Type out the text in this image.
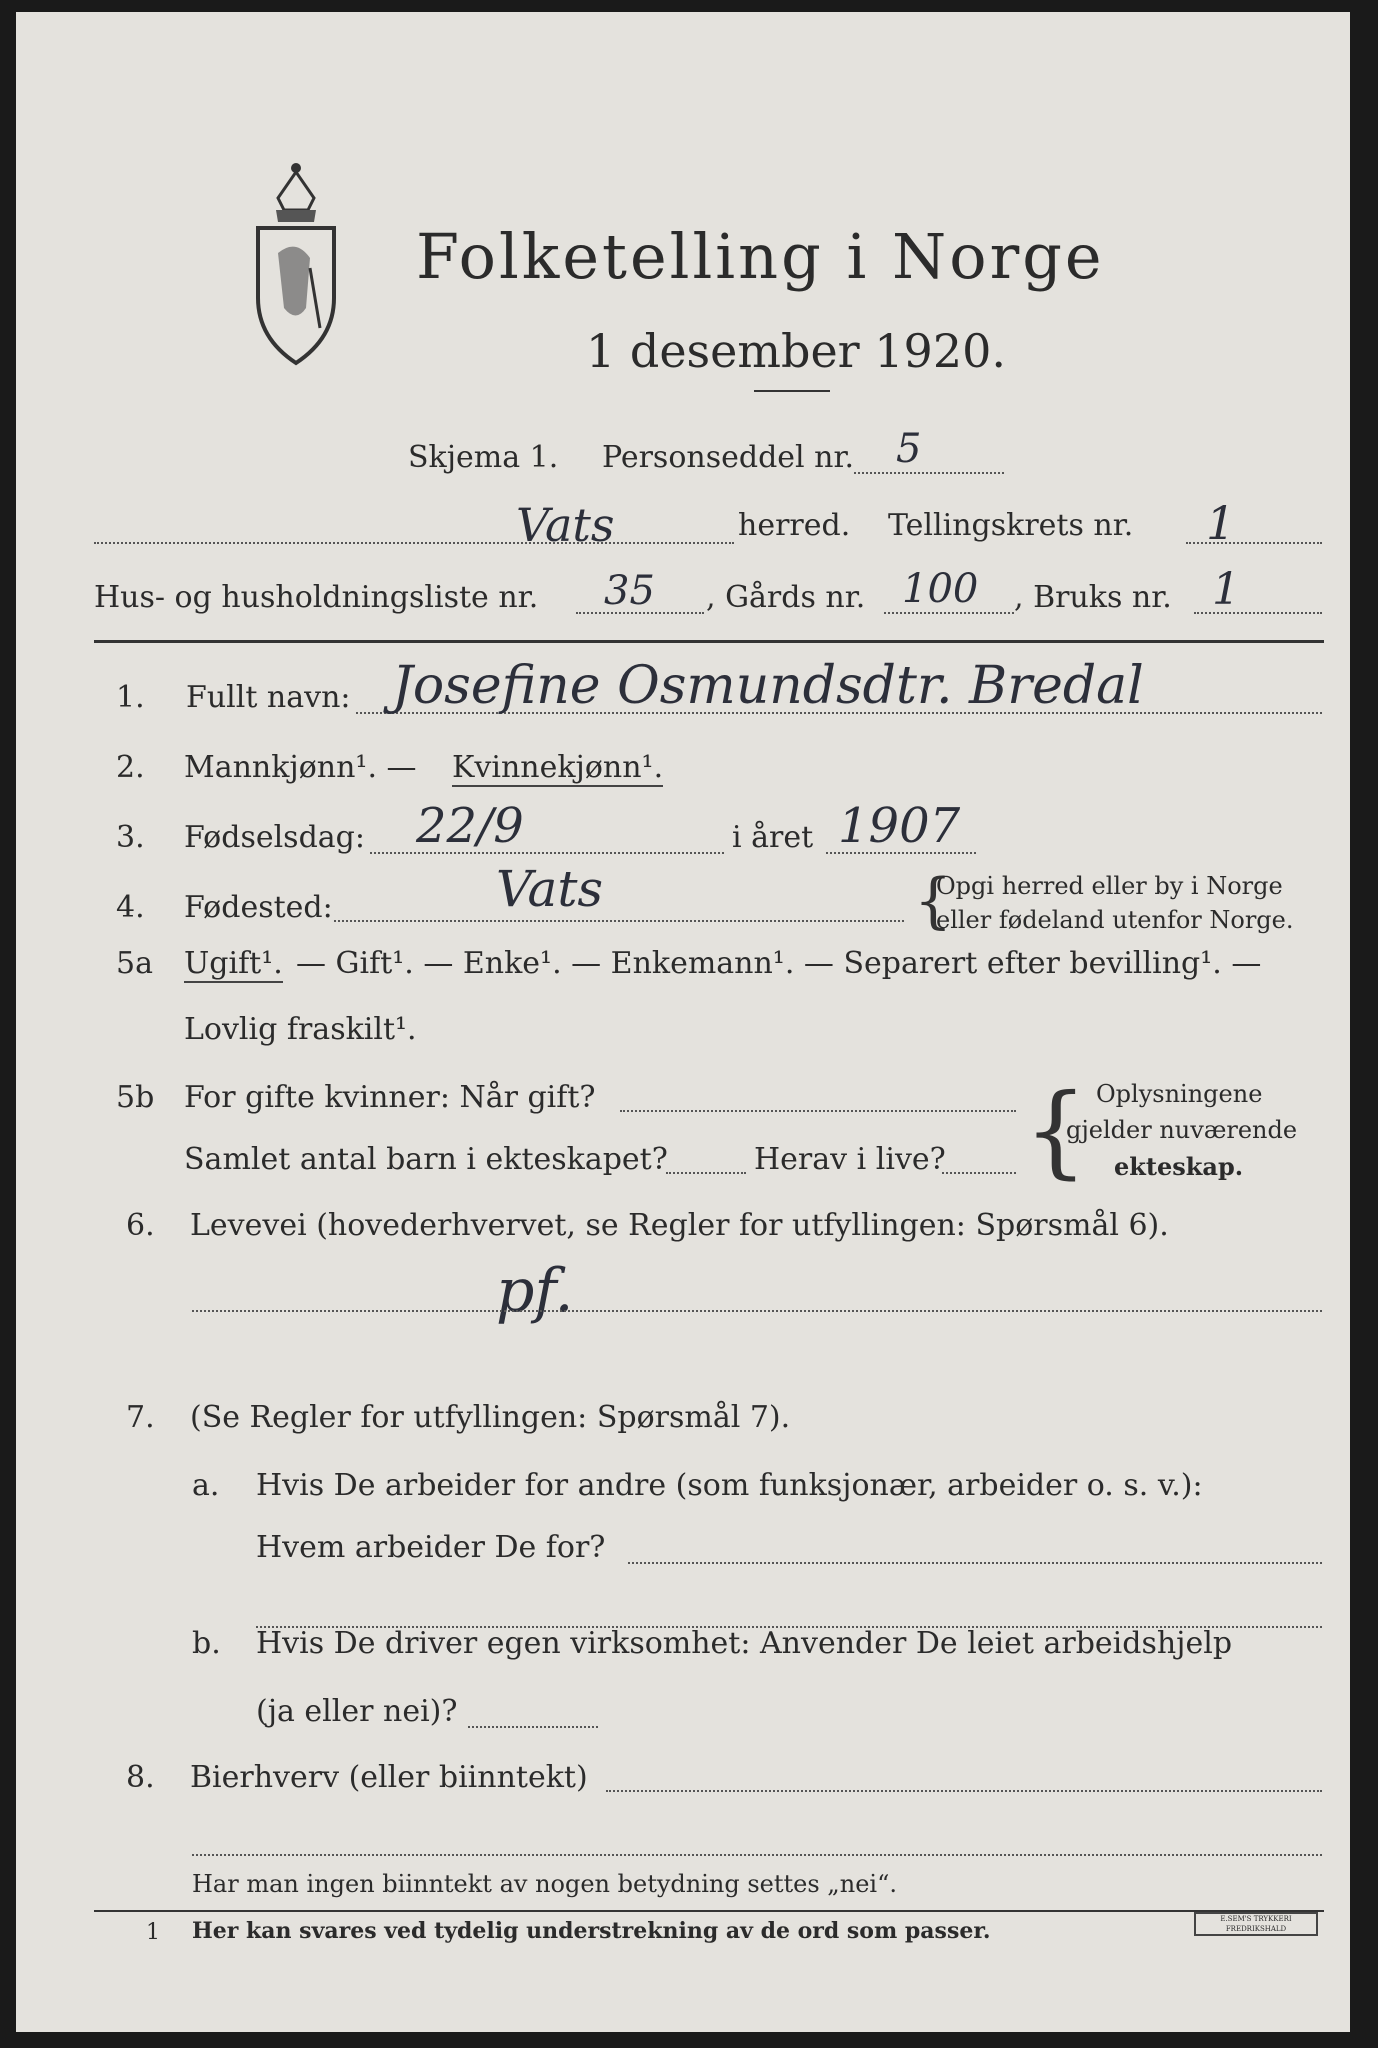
Folketelling i Norge
1 desember 1920.
Skjema 1. Personseddel nr. 5
Vats	herred. Tellingskrets nr. 1
Hus- og husholdningsliste nr. 35 , Gårds nr. 100 , Bruks nr. 1
1. Fullt navn: Josefine Osmundsdtr. Bredal
2. Mannkjønn¹. — Kvinnekjønn¹.
3. Fødselsdag: 22/9	i året 1907
4. Fødested:	Vats	{
Opgi herred eller by i Norge
eller fødeland utenfor Norge.
5a Ugift¹. — Gift¹. — Enke¹. — Enkemann¹. — Separert efter bevilling¹. —
Lovlig fraskilt¹.
5b For gifte kvinner: Når gift?
Samlet antal barn i ekteskapet?	Herav i live? { Oplysningene
gjelder nuværende
ekteskap.
6. Levevei (hovederhvervet, se Regler for utfyllingen: Spørsmål 6).
pf.
7. (Se Regler for utfyllingen: Spørsmål 7).
a. Hvis De arbeider for andre (som funksjonær, arbeider o. s. v.):
Hvem arbeider De for?
b. Hvis De driver egen virksomhet: Anvender De leiet arbeidshjelp
(ja eller nei)?
8. Bierhverv (eller biinntekt)
Har man ingen biinntekt av nogen betydning settes „nei“.
1 Her kan svares ved tydelig understrekning av de ord som passer.	E.SEM'S TRYKKERI FREDRIKSHALD
